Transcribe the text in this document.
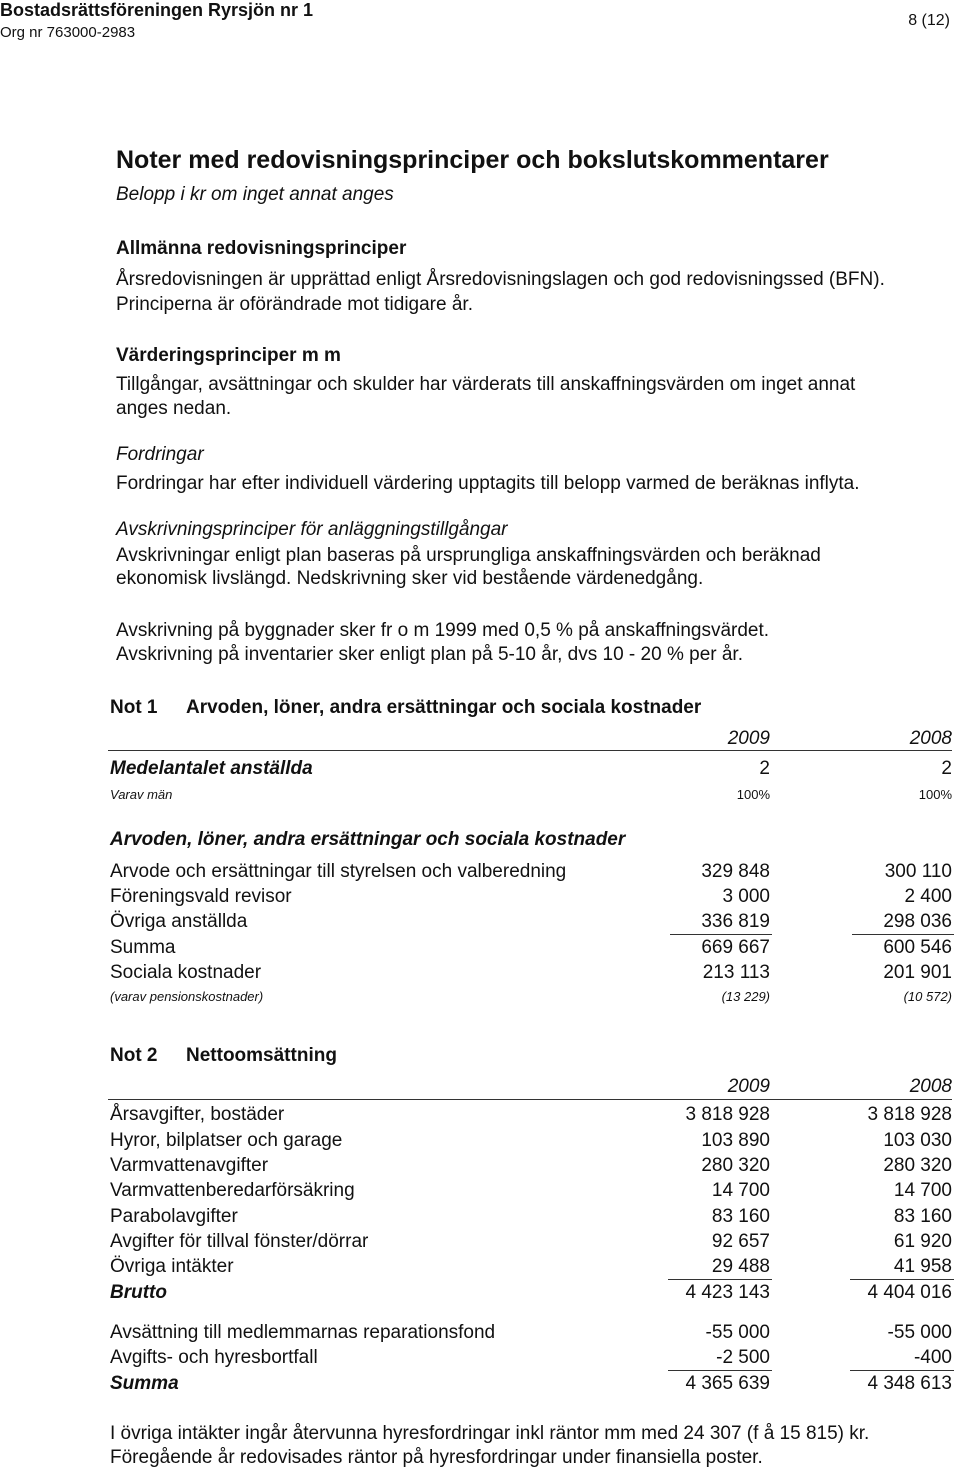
Bostadsrättsföreningen Ryrsjön nr 1
Org nr 763000-2983
8 (12)
Noter med redovisningsprinciper och bokslutskommentarer
Belopp i kr om inget annat anges
Allmänna redovisningsprinciper
Årsredovisningen är upprättad enligt Årsredovisningslagen och god redovisningssed (BFN).
Principerna är oförändrade mot tidigare år.
Värderingsprinciper m m
Tillgångar, avsättningar och skulder har värderats till anskaffningsvärden om inget annat
anges nedan.
Fordringar
Fordringar har efter individuell värdering upptagits till belopp varmed de beräknas inflyta.
Avskrivningsprinciper för anläggningstillgångar
Avskrivningar enligt plan baseras på ursprungliga anskaffningsvärden och beräknad
ekonomisk livslängd. Nedskrivning sker vid bestående värdenedgång.
Avskrivning på byggnader sker fr o m 1999 med 0,5 % på anskaffningsvärdet.
Avskrivning på inventarier sker enligt plan på 5-10 år, dvs 10 - 20 % per år.
Not 1 Arvoden, löner, andra ersättningar och sociala kostnader
2009	2008
Medelantalet anställda	2	2
Varav män	100%	100%
Arvoden, löner, andra ersättningar och sociala kostnader
Arvode och ersättningar till styrelsen och valberedning	329 848	300 110
Föreningsvald revisor	3 000	2 400
Övriga anställda	336 819	298 036
Summa	669 667	600 546
Sociala kostnader	213 113	201 901
(varav pensionskostnader)	(13 229)	(10 572)
Not 2 Nettoomsättning
2009	2008
Årsavgifter, bostäder	3 818 928	3 818 928
Hyror, bilplatser och garage	103 890	103 030
Varmvattenavgifter	280 320	280 320
Varmvattenberedarförsäkring	14 700	14 700
Parabolavgifter	83 160	83 160
Avgifter för tillval fönster/dörrar	92 657	61 920
Övriga intäkter	29 488	41 958
Brutto	4 423 143	4 404 016
Avsättning till medlemmarnas reparationsfond	-55 000	-55 000
Avgifts- och hyresbortfall	-2 500	-400
Summa	4 365 639	4 348 613
I övriga intäkter ingår återvunna hyresfordringar inkl räntor mm med 24 307 (f å 15 815) kr.
Föregående år redovisades räntor på hyresfordringar under finansiella poster.
